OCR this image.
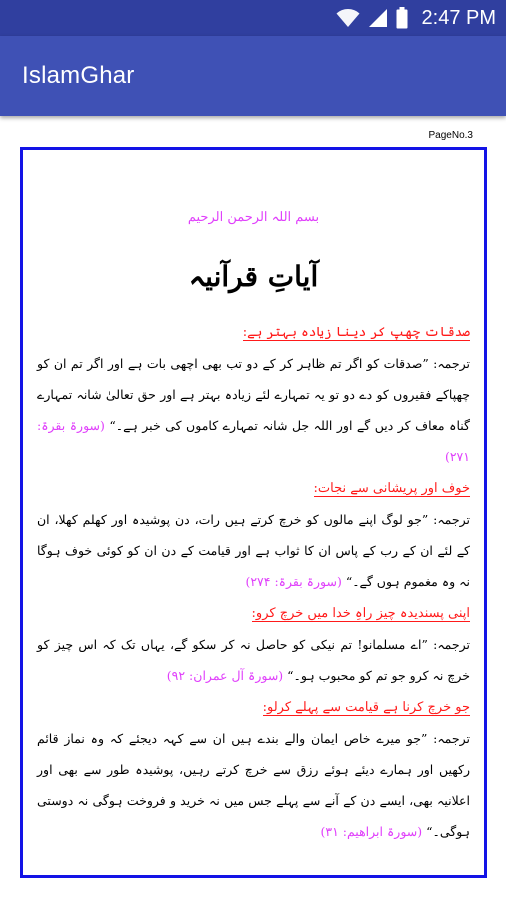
2:47 PM
IslamGhar
PageNo.3
بسم اللہ الرحمن الرحیم
آیاتِ قرآنیہ

صدقات چھپ کر دینا زیادہ بہتر ہے:

ترجمہ: ”صدقات کو اگر تم ظاہر کر کے دو تب بھی اچھی بات ہے اور اگر تم ان کو چھپاکے فقیروں کو دے دو تو یہ تمہارے لئے زیادہ بہتر ہے اور حق تعالیٰ شانہ تمہارے گناہ معاف کر دیں گے اور اللہ جل شانہ تمہارے کاموں کی خبر ہے۔“ (سورۃ بقرۃ: ۲۷۱)

خوف اور پریشانی سے نجات:

ترجمہ: ”جو لوگ اپنے مالوں کو خرچ کرتے ہیں رات، دن پوشیدہ اور کھلم کھلا، ان کے لئے ان کے رب کے پاس ان کا ثواب ہے اور قیامت کے دن ان کو کوئی خوف ہوگا نہ وہ مغموم ہوں گے۔“ (سورۃ بقرۃ: ۲۷۴)

اپنی پسندیدہ چیز راہِ خدا میں خرچ کرو:

ترجمہ: ”اے مسلمانو! تم نیکی کو حاصل نہ کر سکو گے، یہاں تک کہ اس چیز کو خرچ نہ کرو جو تم کو محبوب ہو۔“ (سورۃ آل عمران: ۹۲)

جو خرچ کرنا ہے قیامت سے پہلے کرلو:

ترجمہ: ”جو میرے خاص ایمان والے بندے ہیں ان سے کہہ دیجئے کہ وہ نماز قائم رکھیں اور ہمارے دیئے ہوئے رزق سے خرچ کرتے رہیں، پوشیدہ طور سے بھی اور اعلانیہ بھی، ایسے دن کے آنے سے پہلے جس میں نہ خرید و فروخت ہوگی نہ دوستی ہوگی۔“ (سورۃ ابراھیم: ۳۱)
